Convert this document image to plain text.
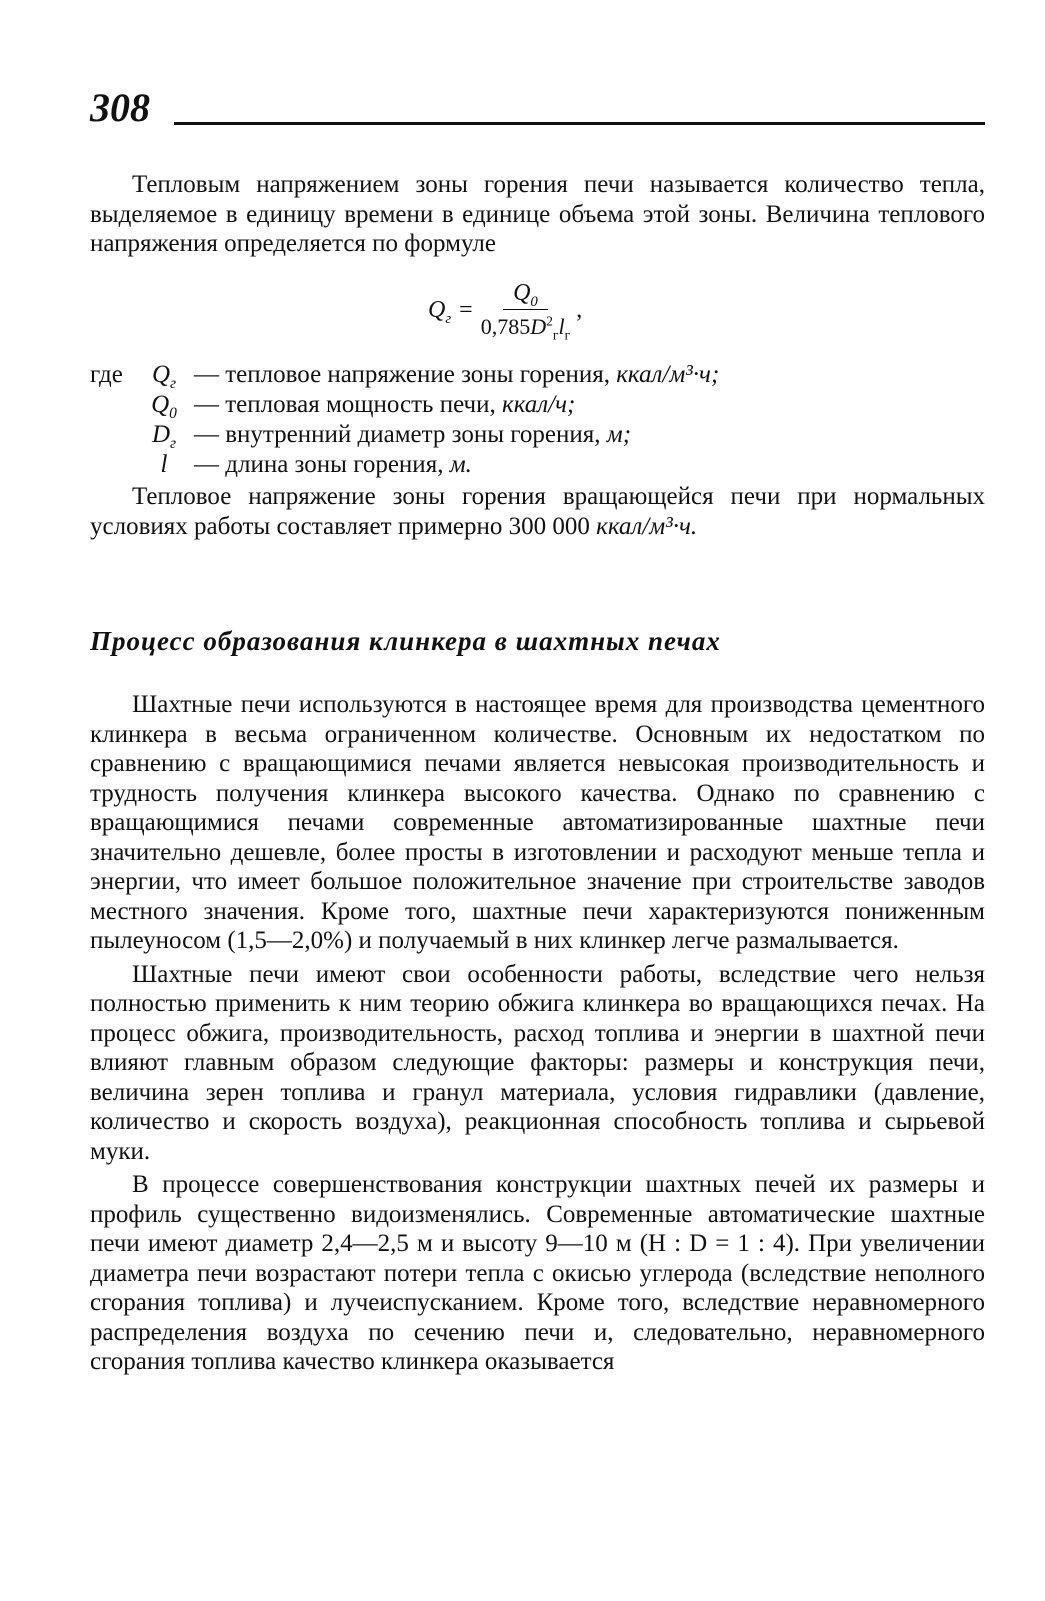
308

Тепловым напряжением зоны горения печи называется количество тепла, выделяемое в единицу времени в единице объема этой зоны. Величина теплового напряжения определяется по формуле

$Q_г = \frac{Q_0}{0,785D^2_гl_г}$ ,
где	$Q_г$ — тепловое напряжение зоны горения, ккал/м³·ч;
$Q_0$ — тепловая мощность печи, ккал/ч;
$D_г$ — внутренний диаметр зоны горения, м;
l	— длина зоны горения, м.

Тепловое напряжение зоны горения вращающейся печи при нормальных условиях работы составляет примерно 300 000 ккал/м³·ч.

Процесс образования клинкера в шахтных печах

Шахтные печи используются в настоящее время для производства цементного клинкера в весьма ограниченном количестве. Основным их недостатком по сравнению с вращающимися печами является невысокая производительность и трудность получения клинкера высокого качества. Однако по сравнению с вращающимися печами современные автоматизированные шахтные печи значительно дешевле, более просты в изготовлении и расходуют меньше тепла и энергии, что имеет большое положительное значение при строительстве заводов местного значения. Кроме того, шахтные печи характеризуются пониженным пылеуносом (1,5—2,0%) и получаемый в них клинкер легче размалывается.

Шахтные печи имеют свои особенности работы, вследствие чего нельзя полностью применить к ним теорию обжига клинкера во вращающихся печах. На процесс обжига, производительность, расход топлива и энергии в шахтной печи влияют главным образом следующие факторы: размеры и конструкция печи, величина зерен топлива и гранул материала, условия гидравлики (давление, количество и скорость воздуха), реакционная способность топлива и сырьевой муки.

В процессе совершенствования конструкции шахтных печей их размеры и профиль существенно видоизменялись. Современные автоматические шахтные печи имеют диаметр 2,4—2,5 м и высоту 9—10 м (Н : D = 1 : 4). При увеличении диаметра печи возрастают потери тепла с окисью углерода (вследствие неполного сгорания топлива) и лучеиспусканием. Кроме того, вследствие неравномерного распределения воздуха по сечению печи и, следовательно, неравномерного сгорания топлива качество клинкера оказывается
